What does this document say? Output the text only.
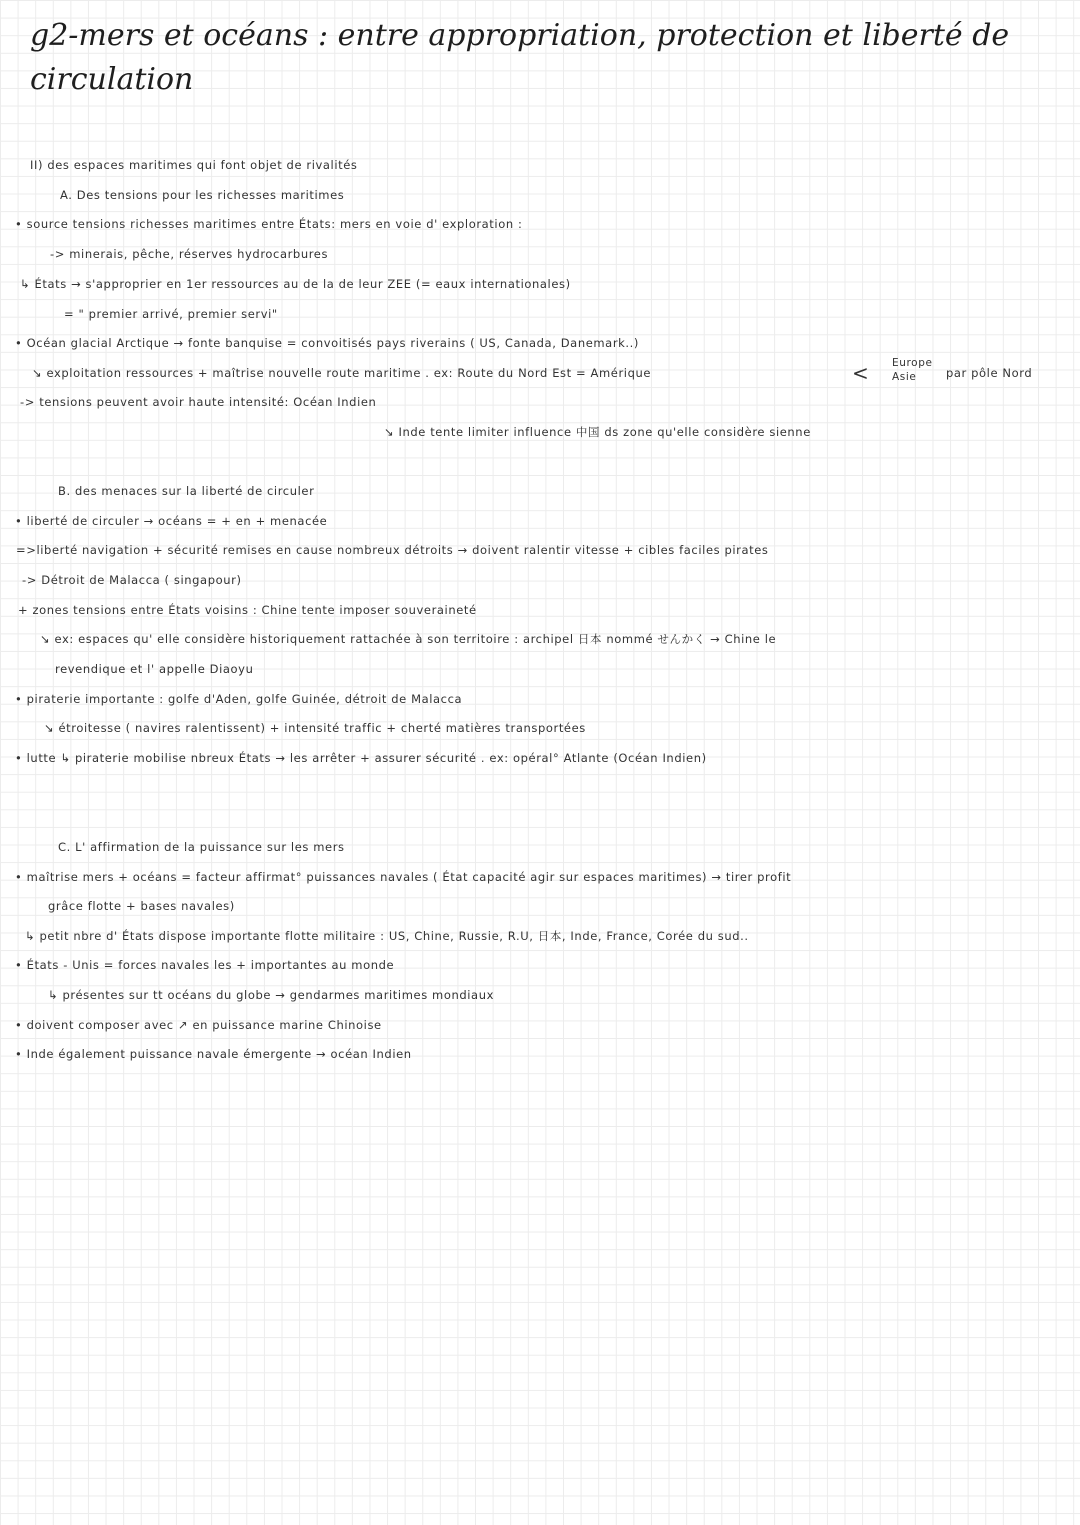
g2-mers et océans : entre appropriation, protection et liberté de circulation
II) des espaces maritimes qui font objet de rivalités
A. Des tensions pour les richesses maritimes
• source tensions richesses maritimes entre États: mers en voie d' exploration :
-> minerais, pêche, réserves hydrocarbures
↳ États → s'approprier en 1er ressources au de la de leur ZEE (= eaux internationales)
= " premier arrivé, premier servi"
• Océan glacial Arctique → fonte banquise = convoitisés pays riverains ( US, Canada, Danemark..)
↘ exploitation ressources + maîtrise nouvelle route maritime . ex: Route du Nord Est = Amérique	< Europe
Asie	par pôle Nord
-> tensions peuvent avoir haute intensité: Océan Indien
↘ Inde tente limiter influence 中国 ds zone qu'elle considère sienne
B. des menaces sur la liberté de circuler
• liberté de circuler → océans = + en + menacée
=>liberté navigation + sécurité remises en cause nombreux détroits → doivent ralentir vitesse + cibles faciles pirates
-> Détroit de Malacca ( singapour)
+ zones tensions entre États voisins : Chine tente imposer souveraineté
↘ ex: espaces qu' elle considère historiquement rattachée à son territoire : archipel 日本 nommé せんかく → Chine le
revendique et l' appelle Diaoyu
• piraterie importante : golfe d'Aden, golfe Guinée, détroit de Malacca
↘ étroitesse ( navires ralentissent) + intensité traffic + cherté matières transportées
• lutte ↳ piraterie mobilise nbreux États → les arrêter + assurer sécurité . ex: opéral° Atlante (Océan Indien)
C. L' affirmation de la puissance sur les mers
• maîtrise mers + océans = facteur affirmat° puissances navales ( État capacité agir sur espaces maritimes) → tirer profit
grâce flotte + bases navales)
↳ petit nbre d' États dispose importante flotte militaire : US, Chine, Russie, R.U, 日本, Inde, France, Corée du sud..
• États - Unis = forces navales les + importantes au monde
↳ présentes sur tt océans du globe → gendarmes maritimes mondiaux
• doivent composer avec ↗ en puissance marine Chinoise
• Inde également puissance navale émergente → océan Indien
